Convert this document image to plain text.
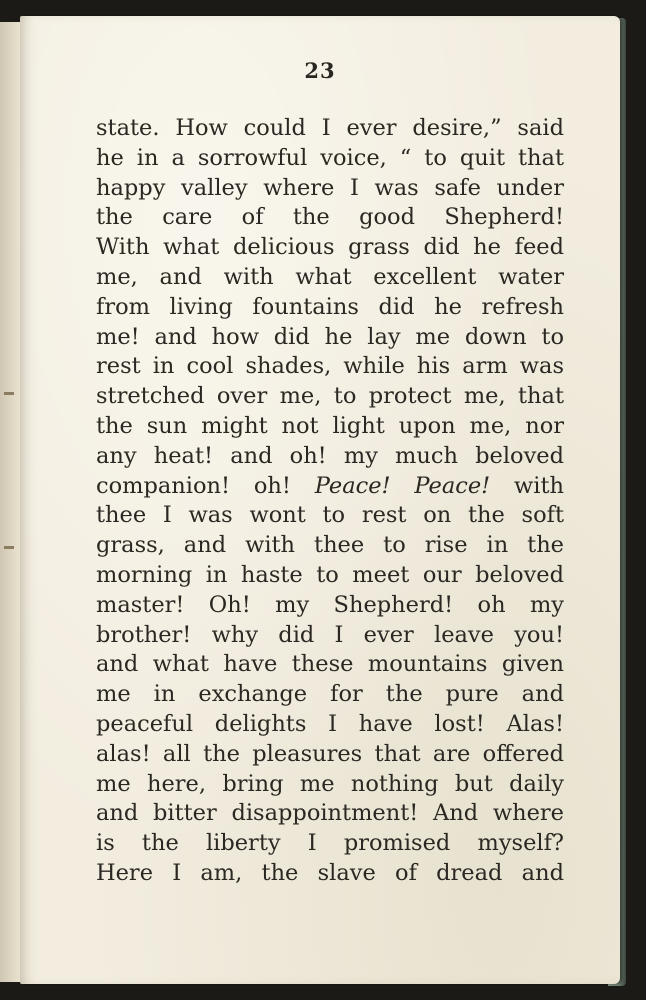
23
state. How could I ever desire,” said
he in a sorrowful voice, “ to quit that
happy valley where I was safe under
the care of the good Shepherd!
With what delicious grass did he feed
me, and with what excellent water
from living fountains did he refresh
me! and how did he lay me down to
rest in cool shades, while his arm was
stretched over me, to protect me, that
the sun might not light upon me, nor
any heat! and oh! my much beloved
companion! oh! Peace! Peace! with
thee I was wont to rest on the soft
grass, and with thee to rise in the
morning in haste to meet our beloved
master! Oh! my Shepherd! oh my
brother! why did I ever leave you!
and what have these mountains given
me in exchange for the pure and
peaceful delights I have lost! Alas!
alas! all the pleasures that are offered
me here, bring me nothing but daily
and bitter disappointment! And where
is the liberty I promised myself?
Here I am, the slave of dread and
